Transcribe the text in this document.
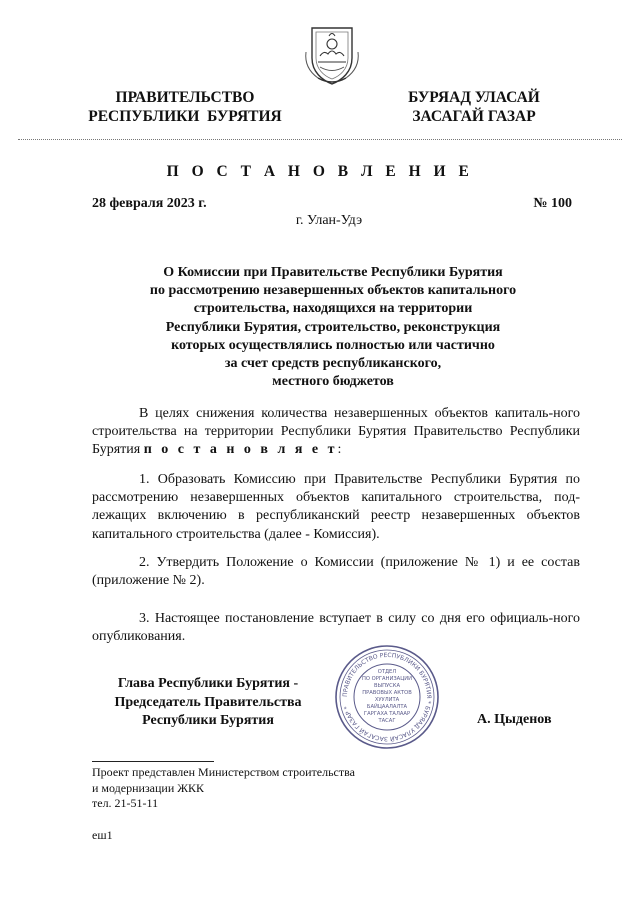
ПРАВИТЕЛЬСТВО
РЕСПУБЛИКИ  БУРЯТИЯ
БУРЯАД УЛАСАЙ
ЗАСАГАЙ ГАЗАР
П О С Т А Н О В Л Е Н И Е
28 февраля 2023 г.	№ 100
г. Улан-Удэ
О Комиссии при Правительстве Республики Бурятия
по рассмотрению незавершенных объектов капитального
строительства, находящихся на территории
Республики Бурятия, строительство, реконструкция
которых осуществлялись полностью или частично
за счет средств республиканского,
местного бюджетов

В целях снижения количества незавершенных объектов капиталь-ного строительства на территории Республики Бурятия Правительство Республики Бурятия п о с т а н о в л я е т:

1. Образовать Комиссию при Правительстве Республики Бурятия по рассмотрению незавершенных объектов капитального строительства, под-лежащих включению в республиканский реестр незавершенных объектов капитального строительства (далее - Комиссия).

2. Утвердить Положение о Комиссии (приложение № 1) и ее состав (приложение № 2).

3. Настоящее постановление вступает в силу со дня его официаль-ного опубликования.

Глава Республики Бурятия -
Председатель Правительства
Республики Бурятия	А. Цыденов
ПРАВИТЕЛЬСТВО РЕСПУБЛИКИ БУРЯТИЯ * БУРЯАД УЛАСАЙ ЗАСАГАЙ ГАЗАР *
ОТДЕЛ
ПО ОРГАНИЗАЦИИ
ВЫПУСКА
ПРАВОВЫХ АКТОВ
ХУУЛИТА
БАЙЦААЛАЛТА
ГАРГАХА ТАЛААР
ТАСАГ
Проект представлен Министерством строительства
и модернизации ЖКК
тел. 21-51-11
еш1
